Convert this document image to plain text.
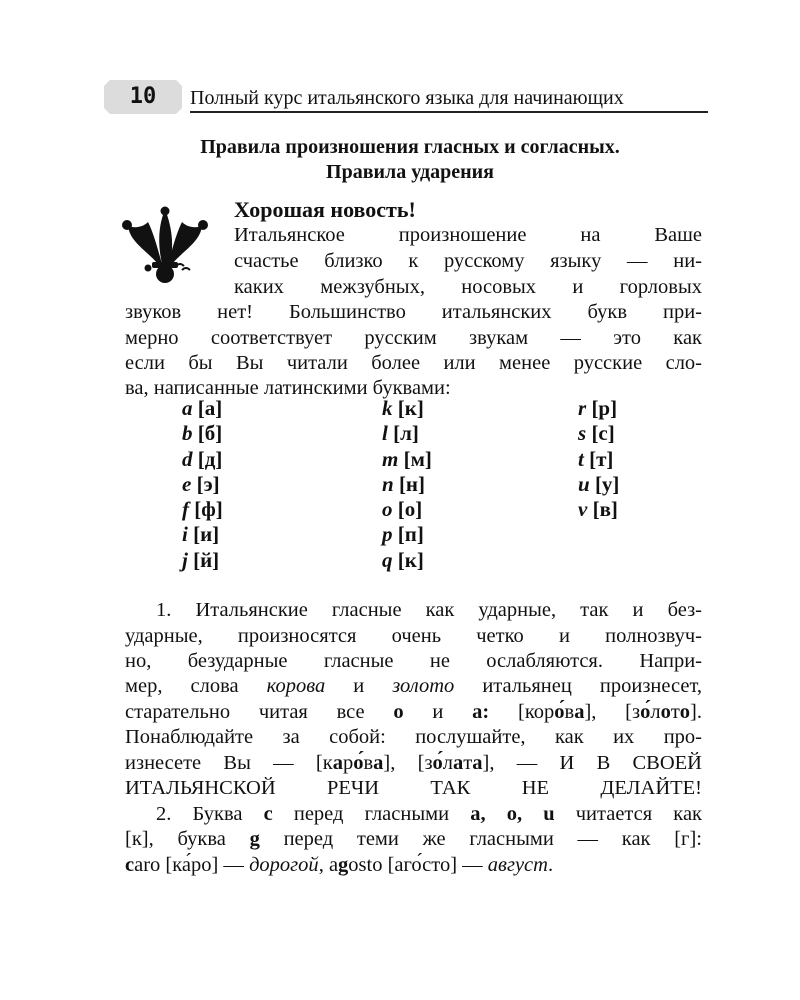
10	Полный курс итальянского языка для начинающих
Правила произношения гласных и согласных.
Правила ударения
Хорошая новость!
Итальянское произношение на Ваше
счастье близко к русскому языку — ни-
каких межзубных, носовых и горловых
звуков нет! Большинство итальянских букв при-
мерно соответствует русским звукам — это как
если бы Вы читали более или менее русские сло-
ва, написанные латинскими буквами:
a [а]
b [б]
d [д]
e [э]
f [ф]
i [и]
j [й]
k [к]
l [л]
m [м]
n [н]
o [о]
p [п]
q [к]
r [р]
s [с]
t [т]
u [у]
v [в]
1. Итальянские гласные как ударные, так и без-
ударные, произносятся очень четко и полнозвуч-
но, безударные гласные не ослабляются. Напри-
мер, слова корова и золото итальянец произнесет,
старательно читая все о и а: [коро́ва], [зо́лото].
Понаблюдайте за собой: послушайте, как их про-
изнесете Вы — [каро́ва], [зо́лата], — И В СВОЕЙ
ИТАЛЬЯНСКОЙ РЕЧИ ТАК НЕ ДЕЛАЙТЕ!
2. Буква с перед гласными а, о, u читается как
[к], буква g перед теми же гласными — как [г]:
caro [ка́ро] — дорогой, agosto [аго́сто] — август.
